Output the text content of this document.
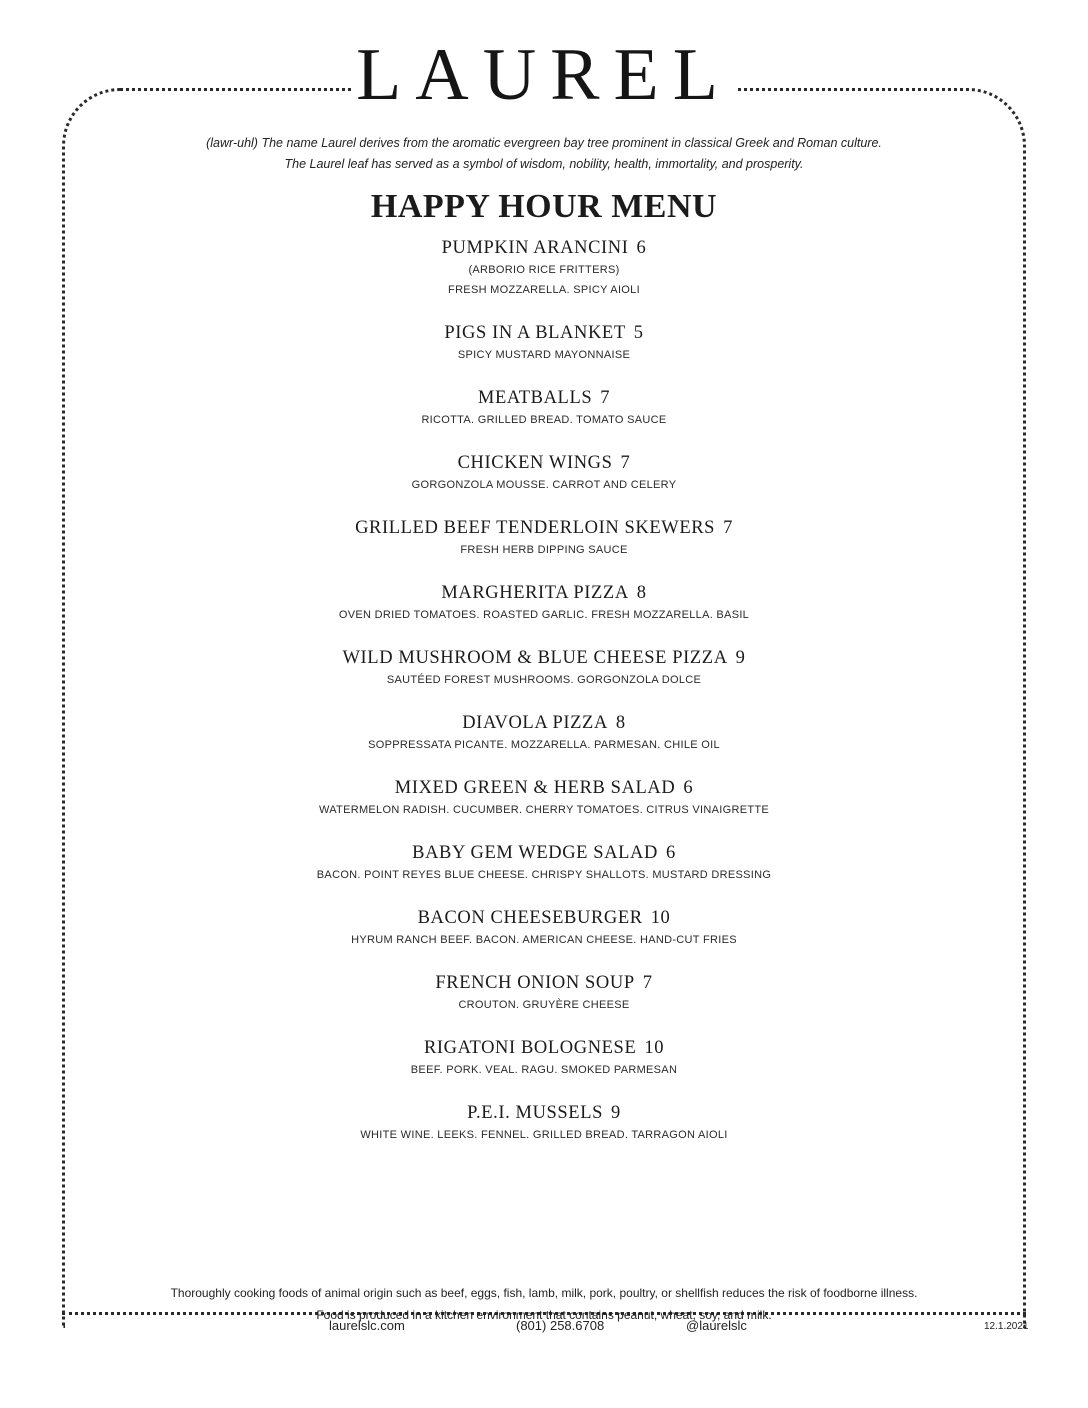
LAUREL
(lawr-uhl) The name Laurel derives from the aromatic evergreen bay tree prominent in classical Greek and Roman culture.
The Laurel leaf has served as a symbol of wisdom, nobility, health, immortality, and prosperity.
HAPPY HOUR MENU
PUMPKIN ARANCINI 6
(ARBORIO RICE FRITTERS)
FRESH MOZZARELLA. SPICY AIOLI
PIGS IN A BLANKET 5
SPICY MUSTARD MAYONNAISE
MEATBALLS 7
RICOTTA. GRILLED BREAD. TOMATO SAUCE
CHICKEN WINGS 7
GORGONZOLA MOUSSE. CARROT AND CELERY
GRILLED BEEF TENDERLOIN SKEWERS 7
FRESH HERB DIPPING SAUCE
MARGHERITA PIZZA 8
OVEN DRIED TOMATOES. ROASTED GARLIC. FRESH MOZZARELLA. BASIL
WILD MUSHROOM & BLUE CHEESE PIZZA 9
SAUTÉED FOREST MUSHROOMS. GORGONZOLA DOLCE
DIAVOLA PIZZA 8
SOPPRESSATA PICANTE. MOZZARELLA. PARMESAN. CHILE OIL
MIXED GREEN & HERB SALAD 6
WATERMELON RADISH. CUCUMBER. CHERRY TOMATOES. CITRUS VINAIGRETTE
BABY GEM WEDGE SALAD 6
BACON. POINT REYES BLUE CHEESE. CHRISPY SHALLOTS. MUSTARD DRESSING
BACON CHEESEBURGER 10
HYRUM RANCH BEEF. BACON. AMERICAN CHEESE. HAND-CUT FRIES
FRENCH ONION SOUP 7
CROUTON. GRUYÈRE CHEESE
RIGATONI BOLOGNESE 10
BEEF. PORK. VEAL. RAGU. SMOKED PARMESAN
P.E.I. MUSSELS 9
WHITE WINE. LEEKS. FENNEL. GRILLED BREAD. TARRAGON AIOLI
Thoroughly cooking foods of animal origin such as beef, eggs, fish, lamb, milk, pork, poultry, or shellfish reduces the risk of foodborne illness.
Food is produced in a kitchen environment that contains peanut, wheat, soy, and milk.
laurelslc.com	(801) 258.6708	@laurelslc	12.1.2021
